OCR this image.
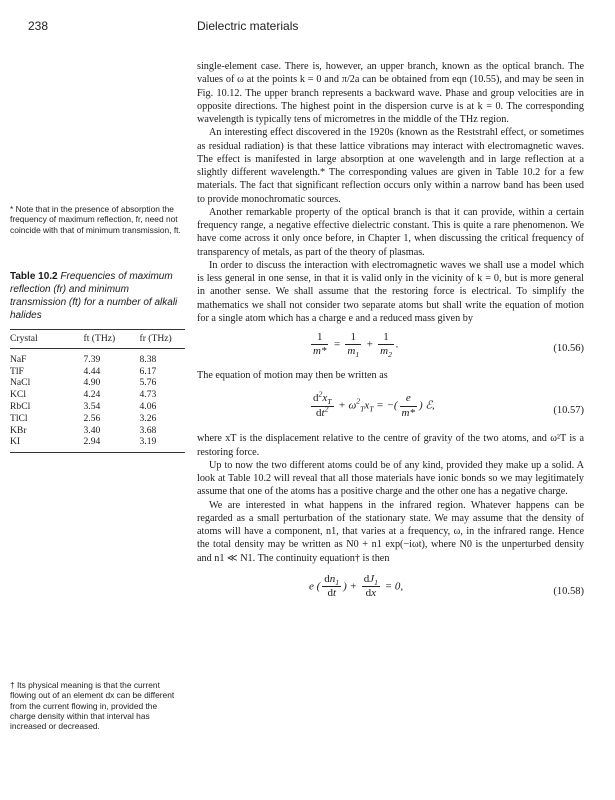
238	Dielectric materials

single-element case. There is, however, an upper branch, known as the optical branch. The values of ω at the points k = 0 and π/2a can be obtained from eqn (10.55), and may be seen in Fig. 10.12. The upper branch represents a backward wave. Phase and group velocities are in opposite directions. The highest point in the dispersion curve is at k = 0. The corresponding wavelength is typically tens of micrometres in the middle of the THz region.

An interesting effect discovered in the 1920s (known as the Reststrahl effect, or sometimes as residual radiation) is that these lattice vibrations may interact with electromagnetic waves. The effect is manifested in large absorption at one wavelength and in large reflection at a slightly different wavelength.* The corresponding values are given in Table 10.2 for a few materials. The fact that significant reflection occurs only within a narrow band has been used to provide monochromatic sources.

Another remarkable property of the optical branch is that it can provide, within a certain frequency range, a negative effective dielectric constant. This is quite a rare phenomenon. We have come across it only once before, in Chapter 1, when discussing the critical frequency of transparency of metals, as part of the theory of plasmas.

In order to discuss the interaction with electromagnetic waves we shall use a model which is less general in one sense, in that it is valid only in the vicinity of k = 0, but is more general in another sense. We shall assume that the restoring force is electrical. To simplify the mathematics we shall not consider two separate atoms but shall write the equation of motion for a single atom which has a charge e and a reduced mass given by

$\frac{1}{m*} = \frac{1}{m_1} + \frac{1}{m_2}$ .	(10.56)

The equation of motion may then be written as

$\frac{d^2x_T}{dt^2} + \omega^2_Tx_T$ = −( $\frac{e}{m*}$ ) ℰ,	(10.57)

where xT is the displacement relative to the centre of gravity of the two atoms, and ω²T is a restoring force.

Up to now the two different atoms could be of any kind, provided they make up a solid. A look at Table 10.2 will reveal that all those materials have ionic bonds so we may legitimately assume that one of the atoms has a positive charge and the other one has a negative charge.

We are interested in what happens in the infrared region. Whatever happens can be regarded as a small perturbation of the stationary state. We may assume that the density of atoms will have a component, n1, that varies at a frequency, ω, in the infrared range. Hence the total density may be written as N0 + n1 exp(−iωt), where N0 is the unperturbed density and n1 ≪ N1. The continuity equation† is then

e ( $\frac{dn_1}{dt}$ ) + $\frac{dJ_1}{dx} = 0$,	(10.58)
* Note that in the presence of absorption the frequency of maximum reflection, fr, need not coincide with that of minimum transmission, ft.
Table 10.2 Frequencies of maximum reflection (fr) and minimum transmission (ft) for a number of alkali halides
Crystal	ft (THz)	fr (THz)
NaF	7.39	8.38
TlF	4.44	6.17
NaCl	4.90	5.76
KCl	4.24	4.73
RbCl	3.54	4.06
TlCl	2.56	3.26
KBr	3.40	3.68
KI	2.94	3.19
† Its physical meaning is that the current flowing out of an element dx can be different from the current flowing in, provided the charge density within that interval has increased or decreased.
